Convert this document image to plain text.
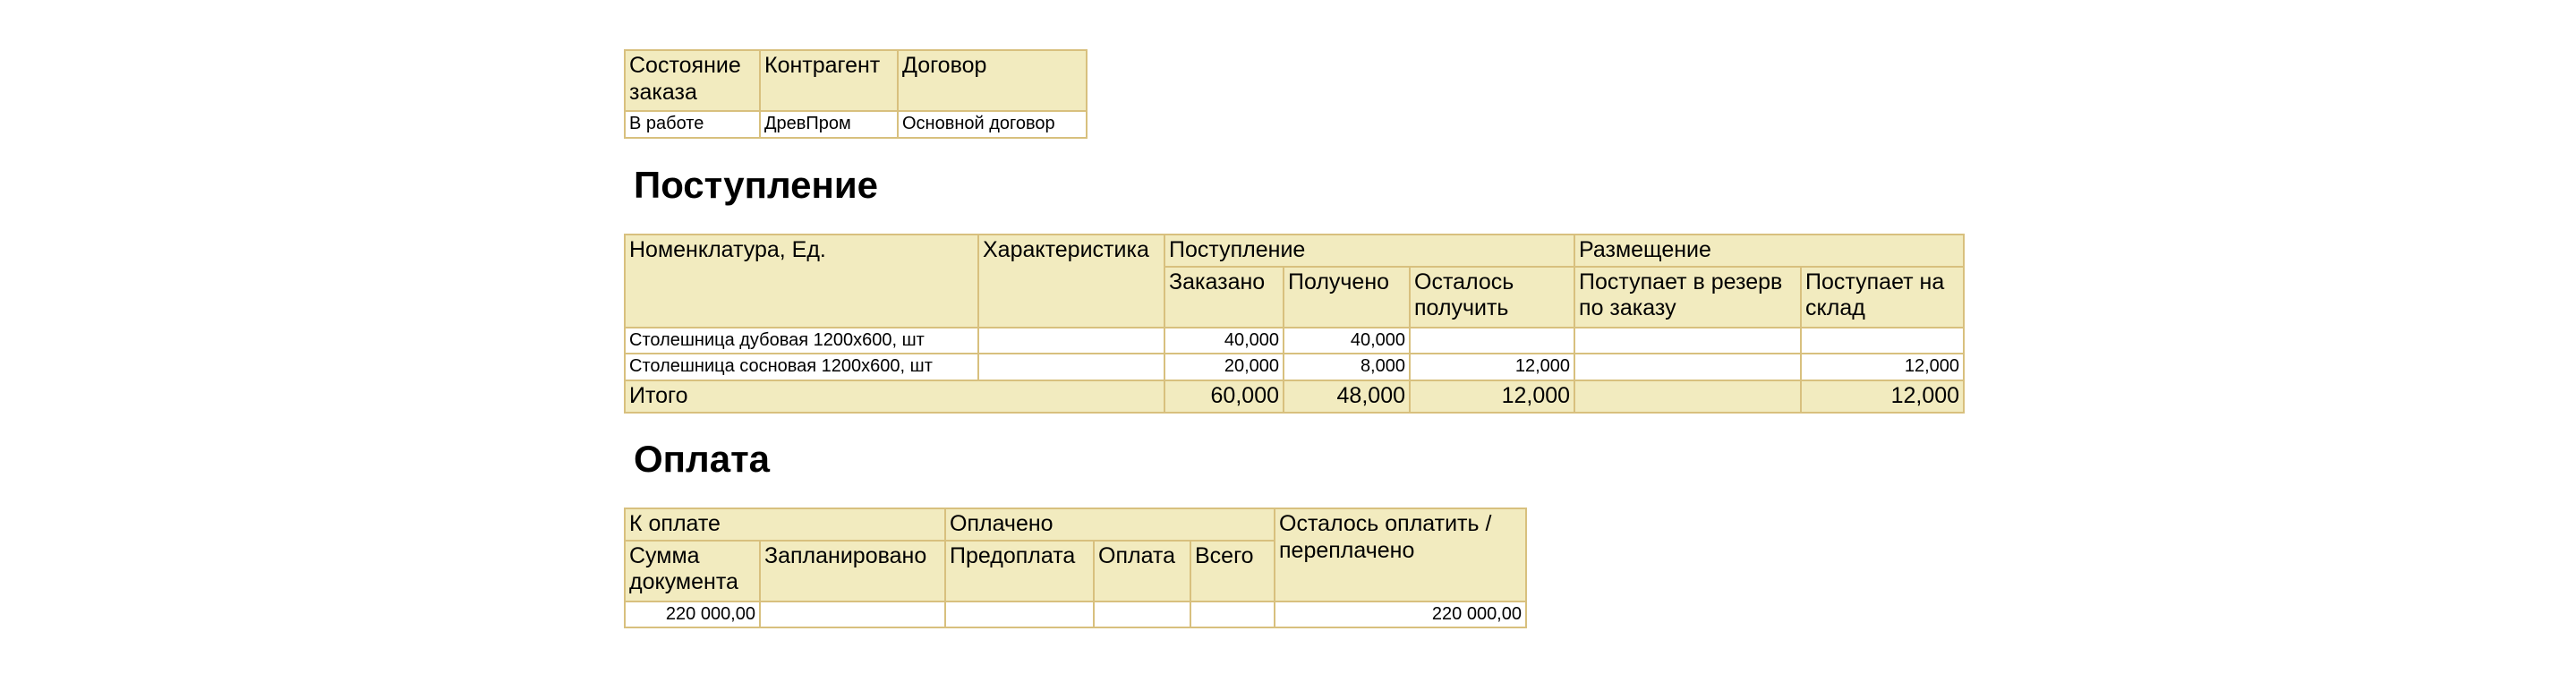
Состояние заказа	Контрагент	Договор
В работе	ДревПром	Основной договор
Поступление
Номенклатура, Ед.	Характеристика	Поступление			Размещение	
		Заказано	Получено	Осталось получить	Поступает в резерв по заказу	Поступает на склад
Столешница дубовая 1200х600, шт		40,000	40,000			
Столешница сосновая 1200х600, шт		20,000	8,000	12,000		12,000
Итого		60,000	48,000	12,000		12,000
Оплата
К оплате		Оплачено			Осталось оплатить / переплачено
Сумма документа	Запланировано	Предоплата	Оплата	Всего	
220 000,00					220 000,00
